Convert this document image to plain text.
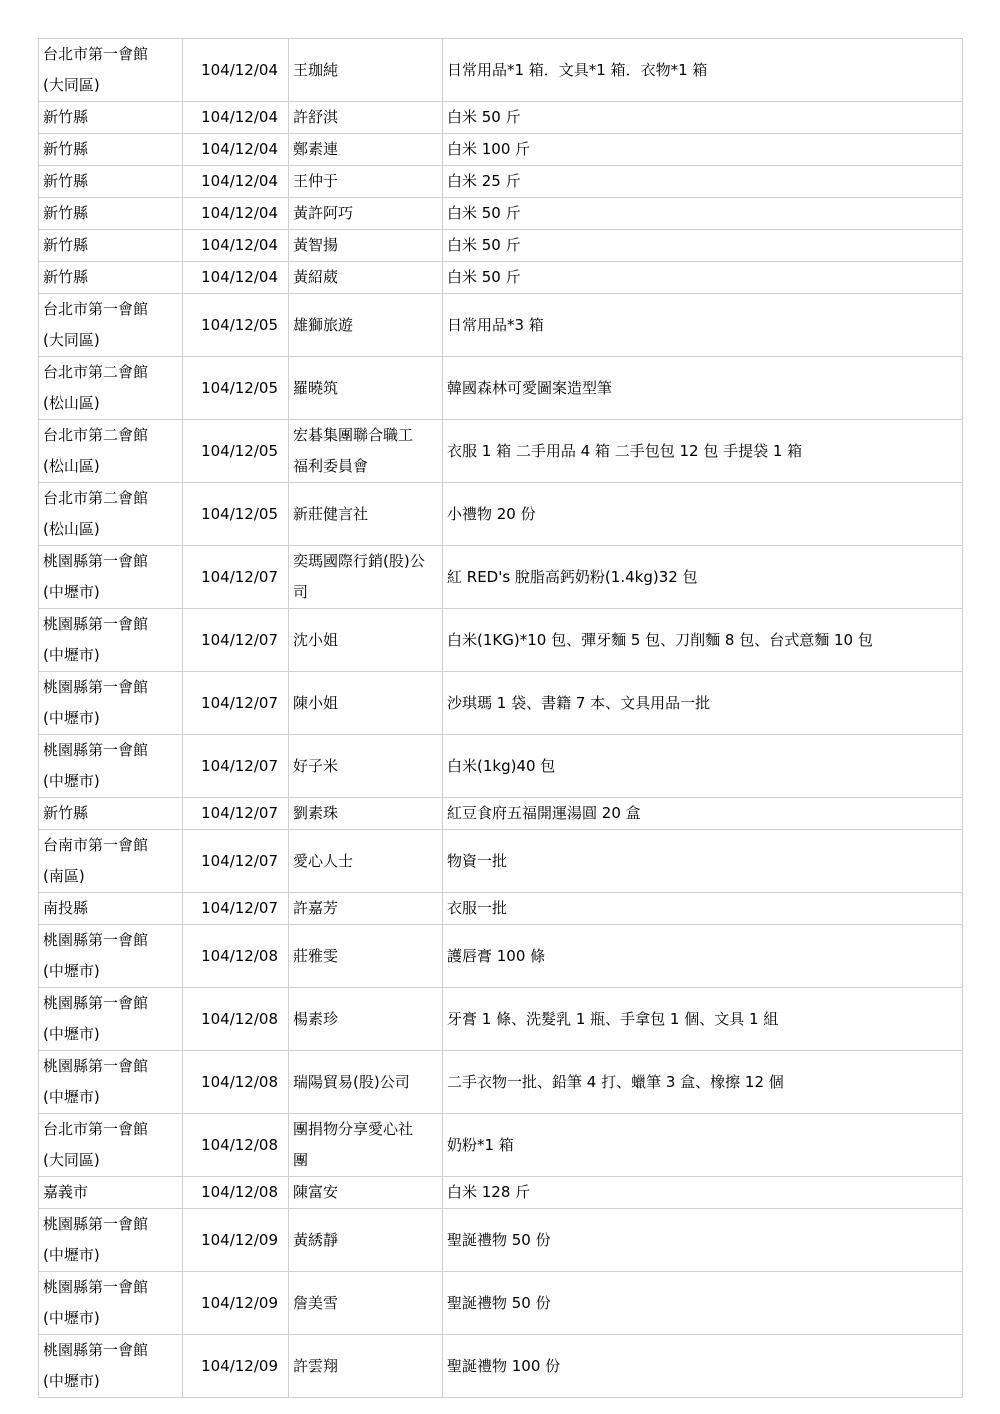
台北市第一會館
(大同區)	104/12/04	王珈純	日常用品*1 箱．文具*1 箱．衣物*1 箱

新竹縣	104/12/04	許舒淇	白米 50 斤

新竹縣	104/12/04	鄭素連	白米 100 斤

新竹縣	104/12/04	王仲于	白米 25 斤

新竹縣	104/12/04	黃許阿巧	白米 50 斤

新竹縣	104/12/04	黃智揚	白米 50 斤

新竹縣	104/12/04	黃紹葳	白米 50 斤

台北市第一會館
(大同區)	104/12/05	雄獅旅遊	日常用品*3 箱

台北市第二會館
(松山區)	104/12/05	羅曉筑	韓國森林可愛圖案造型筆

台北市第二會館
(松山區)	104/12/05	宏碁集團聯合職工
福利委員會	衣服 1 箱 二手用品 4 箱 二手包包 12 包 手提袋 1 箱

台北市第二會館
(松山區)	104/12/05	新莊健言社	小禮物 20 份

桃園縣第一會館
(中壢市)	104/12/07	奕瑪國際行銷(股)公
司	紅 RED's 脫脂高鈣奶粉(1.4kg)32 包

桃園縣第一會館
(中壢市)	104/12/07	沈小姐	白米(1KG)*10 包、彈牙麵 5 包、刀削麵 8 包、台式意麵 10 包

桃園縣第一會館
(中壢市)	104/12/07	陳小姐	沙琪瑪 1 袋、書籍 7 本、文具用品一批

桃園縣第一會館
(中壢市)	104/12/07	好子米	白米(1kg)40 包

新竹縣	104/12/07	劉素珠	紅豆食府五福開運湯圓 20 盒

台南市第一會館
(南區)	104/12/07	愛心人士	物資一批

南投縣	104/12/07	許嘉芳	衣服一批

桃園縣第一會館
(中壢市)	104/12/08	莊雅雯	護唇膏 100 條

桃園縣第一會館
(中壢市)	104/12/08	楊素珍	牙膏 1 條、洗髮乳 1 瓶、手拿包 1 個、文具 1 組

桃園縣第一會館
(中壢市)	104/12/08	瑞陽貿易(股)公司	二手衣物一批、鉛筆 4 打、蠟筆 3 盒、橡擦 12 個

台北市第一會館
(大同區)	104/12/08	團捐物分享愛心社
團	奶粉*1 箱

嘉義市	104/12/08	陳富安	白米 128 斤

桃園縣第一會館
(中壢市)	104/12/09	黃綉靜	聖誕禮物 50 份

桃園縣第一會館
(中壢市)	104/12/09	詹美雪	聖誕禮物 50 份

桃園縣第一會館
(中壢市)	104/12/09	許雲翔	聖誕禮物 100 份
